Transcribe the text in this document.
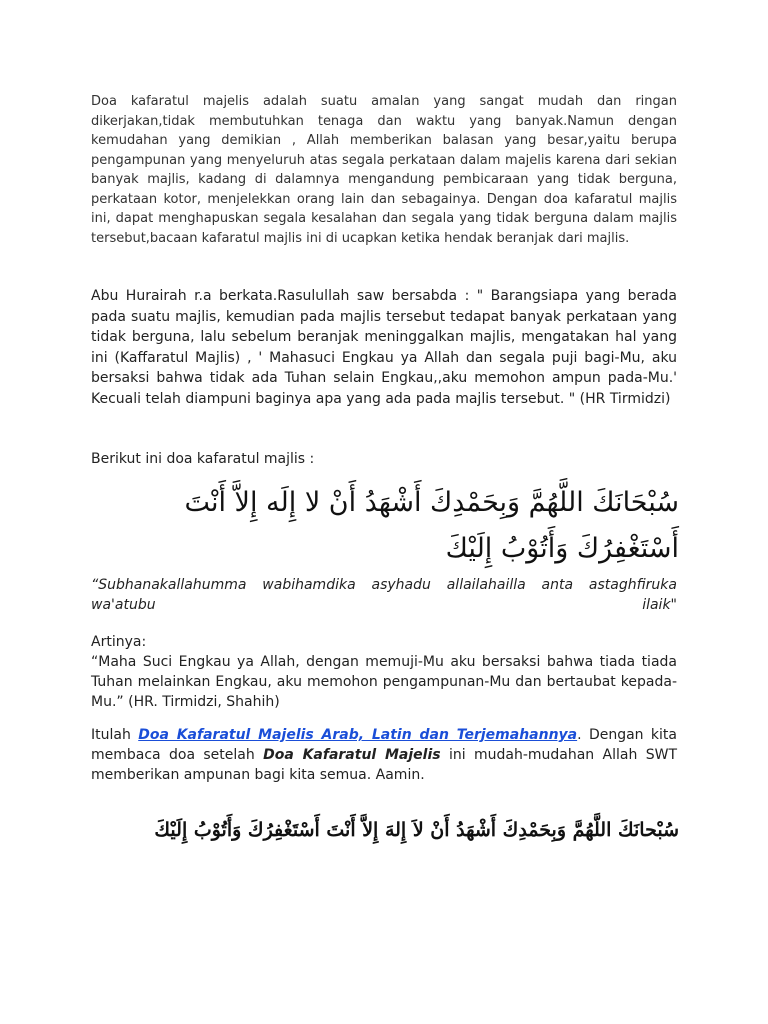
Doa kafaratul majelis adalah suatu amalan yang sangat mudah dan ringan dikerjakan,tidak membutuhkan tenaga dan waktu yang banyak.Namun dengan kemudahan yang demikian , Allah memberikan balasan yang besar,yaitu berupa pengampunan yang menyeluruh atas segala perkataan dalam majelis karena dari sekian banyak majlis, kadang di dalamnya mengandung pembicaraan yang tidak berguna, perkataan kotor, menjelekkan orang lain dan sebagainya. Dengan doa kafaratul majlis ini, dapat menghapuskan segala kesalahan dan segala yang tidak berguna dalam majlis tersebut,bacaan kafaratul majlis ini di ucapkan ketika hendak beranjak dari majlis.

Abu Hurairah r.a berkata.Rasulullah saw bersabda : " Barangsiapa yang berada pada suatu majlis, kemudian pada majlis tersebut tedapat banyak perkataan yang tidak berguna, lalu sebelum beranjak meninggalkan majlis, mengatakan hal yang ini (Kaffaratul Majlis) , ' Mahasuci Engkau ya Allah dan segala puji bagi-Mu, aku bersaksi bahwa tidak ada Tuhan selain Engkau,,aku memohon ampun pada-Mu.' Kecuali telah diampuni baginya apa yang ada pada majlis tersebut. " (HR Tirmidzi)

Berikut ini doa kafaratul majlis :

سُبْحَانَكَ اللَّهُمَّ وَبِحَمْدِكَ أَشْهَدُ أَنْ لا إِلَه إِلاَّ أَنْتَ أَسْتَغْفِرُكَ وَأَتُوْبُ إِلَيْكَ

“Subhanakallahumma wabihamdika asyhadu allailahailla anta astaghfiruka wa'atubu ilaik"

Artinya:
“Maha Suci Engkau ya Allah, dengan memuji-Mu aku bersaksi bahwa tiada tiada Tuhan melainkan Engkau, aku memohon pengampunan-Mu dan bertaubat kepada-Mu.” (HR. Tirmidzi, Shahih)

Itulah Doa Kafaratul Majelis Arab, Latin dan Terjemahannya. Dengan kita membaca doa setelah Doa Kafaratul Majelis ini mudah-mudahan Allah SWT memberikan ampunan bagi kita semua. Aamin.

سُبْحانَكَ اللَّهُمَّ وَبِحَمْدِكَ أَشْهَدُ أَنْ لاَ إِلهَ إِلاَّ أَنْتَ أَسْتَغْفِرُكَ وَأَتُوْبُ إِلَيْكَ
